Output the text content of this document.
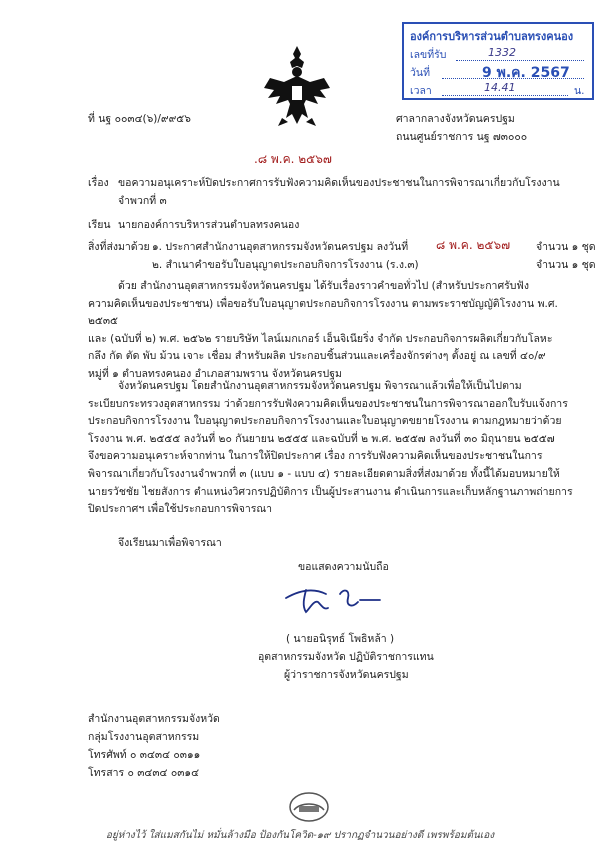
องค์การบริหารส่วนตำบลทรงคนอง
เลขที่รับ	1332
วันที่	9 พ.ค. 2567
เวลา	14.41	น.
ที่ นฐ ๐๐๓๔(๖)/๙๙๕๖	ศาลากลางจังหวัดนครปฐม
ถนนศูนย์ราชการ นฐ ๗๓๐๐๐
.๘ พ.ค. ๒๕๖๗
เรื่อง ขอความอนุเคราะห์ปิดประกาศการรับฟังความคิดเห็นของประชาชนในการพิจารณาเกี่ยวกับโรงงาน
จำพวกที่ ๓
เรียน นายกองค์การบริหารส่วนตำบลทรงคนอง
สิ่งที่ส่งมาด้วย ๑. ประกาศสำนักงานอุตสาหกรรมจังหวัดนครปฐม ลงวันที่ ๘ พ.ค. ๒๕๖๗ จำนวน ๑ ชุด
๒. สำเนาคำขอรับใบอนุญาตประกอบกิจการโรงงาน (ร.ง.๓)	จำนวน ๑ ชุด
ด้วย สำนักงานอุตสาหกรรมจังหวัดนครปฐม ได้รับเรื่องราวคำขอทั่วไป (สำหรับประกาศรับฟัง
ความคิดเห็นของประชาชน) เพื่อขอรับใบอนุญาตประกอบกิจการโรงงาน ตามพระราชบัญญัติโรงงาน พ.ศ. ๒๕๓๕
และ (ฉบับที่ ๒) พ.ศ. ๒๕๖๒ รายบริษัท ไลน์เมกเกอร์ เอ็นจิเนียริ่ง จำกัด ประกอบกิจการผลิตเกี่ยวกับโลหะ
กลึง กัด ตัด พับ ม้วน เจาะ เชื่อม สำหรับผลิต ประกอบชิ้นส่วนและเครื่องจักรต่างๆ ตั้งอยู่ ณ เลขที่ ๔๐/๙
หมู่ที่ ๑ ตำบลทรงคนอง อำเภอสามพราน จังหวัดนครปฐม
จังหวัดนครปฐม โดยสำนักงานอุตสาหกรรมจังหวัดนครปฐม พิจารณาแล้วเพื่อให้เป็นไปตาม
ระเบียบกระทรวงอุตสาหกรรม ว่าด้วยการรับฟังความคิดเห็นของประชาชนในการพิจารณาออกใบรับแจ้งการ
ประกอบกิจการโรงงาน ใบอนุญาตประกอบกิจการโรงงานและใบอนุญาตขยายโรงงาน ตามกฎหมายว่าด้วย
โรงงาน พ.ศ. ๒๕๕๕ ลงวันที่ ๒๐ กันยายน ๒๕๕๕ และฉบับที่ ๒ พ.ศ. ๒๕๕๗ ลงวันที่ ๓๐ มิถุนายน ๒๕๕๗
จึงขอความอนุเคราะห์จากท่าน ในการให้ปิดประกาศ เรื่อง การรับฟังความคิดเห็นของประชาชนในการ
พิจารณาเกี่ยวกับโรงงานจำพวกที่ ๓ (แบบ ๑ - แบบ ๔) รายละเอียดตามสิ่งที่ส่งมาด้วย ทั้งนี้ได้มอบหมายให้
นายรวัชชัย ไชยสังการ ตำแหน่งวิศวกรปฏิบัติการ เป็นผู้ประสานงาน ดำเนินการและเก็บหลักฐานภาพถ่ายการ
ปิดประกาศฯ เพื่อใช้ประกอบการพิจารณา
จึงเรียนมาเพื่อพิจารณา
ขอแสดงความนับถือ
( นายอนิรุทธ์ โพธิหล้า )
อุตสาหกรรมจังหวัด ปฏิบัติราชการแทน
ผู้ว่าราชการจังหวัดนครปฐม
สำนักงานอุตสาหกรรมจังหวัด
กลุ่มโรงงานอุตสาหกรรม
โทรศัพท์ ๐ ๓๔๓๔ ๐๓๑๑
โทรสาร ๐ ๓๔๓๔ ๐๓๑๔
อยู่ห่างไว้ ใส่แมสกันไม่ หมั่นล้างมือ ป้องกันโควิด-๑๙ ปรากฏจำนวนอย่างดี เพรพร้อมต้นเอง
